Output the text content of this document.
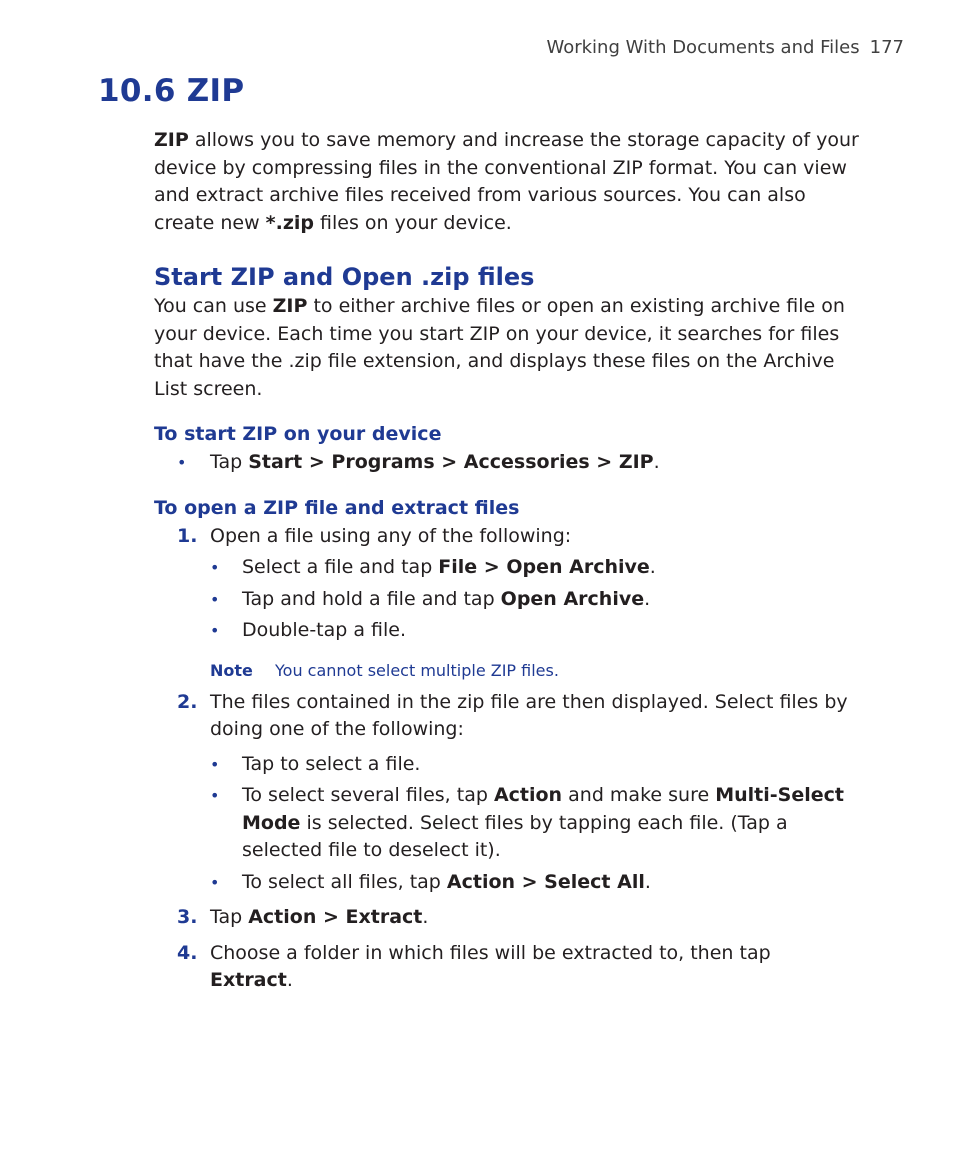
Working With Documents and Files 177
10.6 ZIP

ZIP allows you to save memory and increase the storage capacity of your device by compressing files in the conventional ZIP format. You can view and extract archive files received from various sources. You can also create new *.zip files on your device.

Start ZIP and Open .zip files

You can use ZIP to either archive files or open an existing archive file on your device. Each time you start ZIP on your device, it searches for files that have the .zip file extension, and displays these files on the Archive List screen.

To start ZIP on your device
• Tap Start > Programs > Accessories > ZIP.
To open a ZIP file and extract files
1. Open a file using any of the following:
• Select a file and tap File > Open Archive.
• Tap and hold a file and tap Open Archive.
• Double-tap a file.
Note You cannot select multiple ZIP files.
2. The files contained in the zip file are then displayed. Select files by doing one of the following:
• Tap to select a file.
• To select several files, tap Action and make sure Multi-Select Mode is selected. Select files by tapping each file. (Tap a selected file to deselect it).
• To select all files, tap Action > Select All.
3. Tap Action > Extract.
4. Choose a folder in which files will be extracted to, then tap Extract.
